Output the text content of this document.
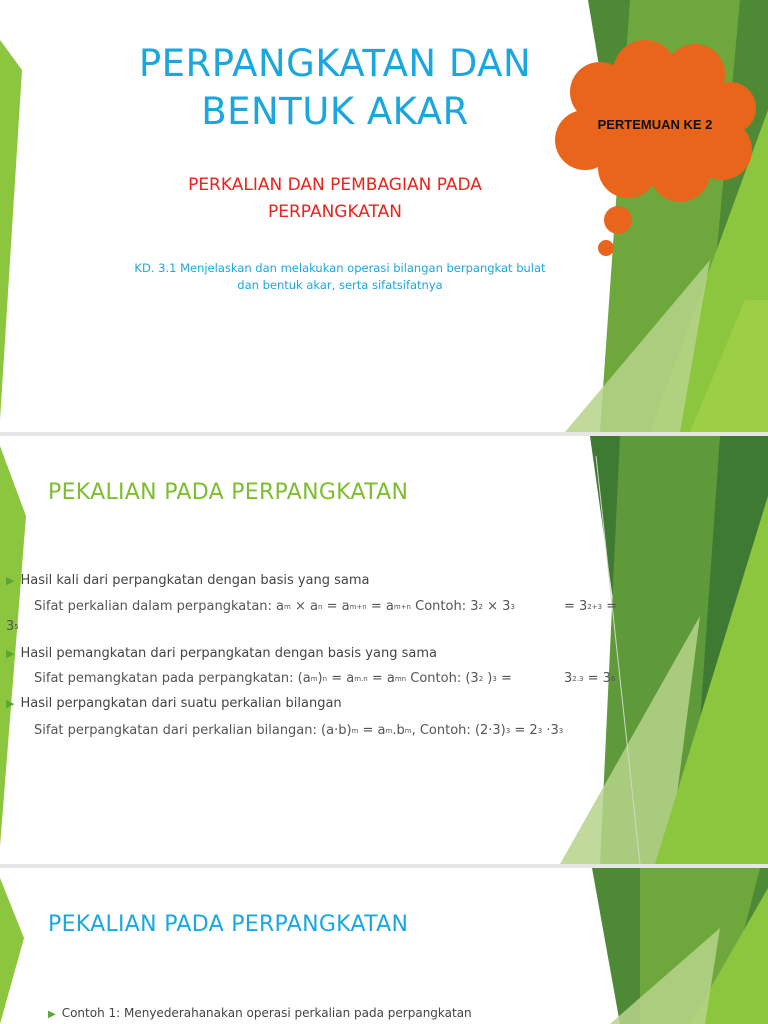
PERPANGKATAN DAN
BENTUK AKAR
PERKALIAN DAN PEMBAGIAN PADA
PERPANGKATAN
KD. 3.1 Menjelaskan dan melakukan operasi bilangan berpangkat bulat
dan bentuk akar, serta sifatsifatnya
PERTEMUAN KE 2
PEKALIAN PADA PERPANGKATAN
▶ Hasil kali dari perpangkatan dengan basis yang sama
Sifat perkalian dalam perpangkatan: am × an = am+n = am+n Contoh: 32 × 33	= 32+3 =
35
▶ Hasil pemangkatan dari perpangkatan dengan basis yang sama
Sifat pemangkatan pada perpangkatan: (am)n = am.n = amn Contoh: (32 )3 =	32.3 = 36
▶ Hasil perpangkatan dari suatu perkalian bilangan
Sifat perpangkatan dari perkalian bilangan: (a·b)m = am.bm, Contoh: (2·3)3 = 23 ·33
PEKALIAN PADA PERPANGKATAN
▶ Contoh 1: Menyederahanakan operasi perkalian pada perpangkatan
